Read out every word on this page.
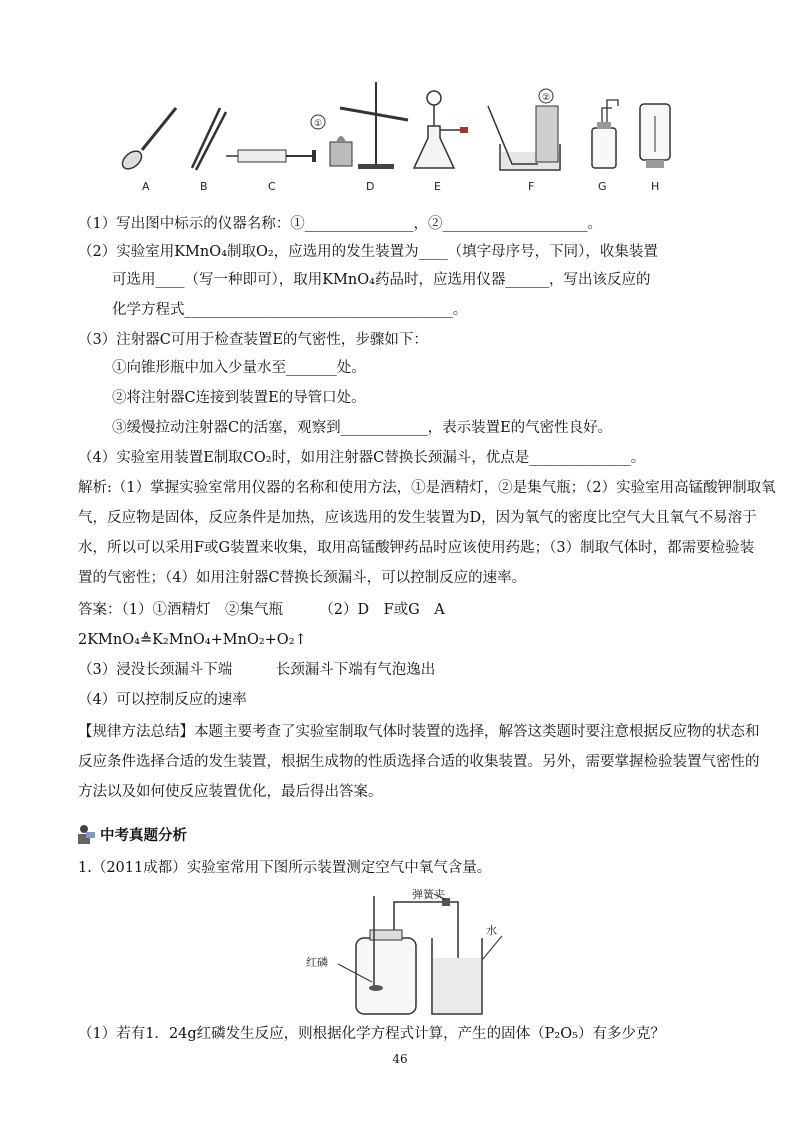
①
②
A	B	C	D	E	F	G	H
（1）写出图中标示的仪器名称：①_______________，②____________________。
（2）实验室用KMnO₄制取O₂，应选用的发生装置为____（填字母序号，下同），收集装置
可选用____（写一种即可），取用KMnO₄药品时，应选用仪器______，写出该反应的
化学方程式_____________________________________。
（3）注射器C可用于检查装置E的气密性，步骤如下：
①向锥形瓶中加入少量水至_______处。
②将注射器C连接到装置E的导管口处。
③缓慢拉动注射器C的活塞，观察到____________，表示装置E的气密性良好。
（4）实验室用装置E制取CO₂时，如用注射器C替换长颈漏斗，优点是______________。
解析:（1）掌握实验室常用仪器的名称和使用方法，①是酒精灯，②是集气瓶；（2）实验室用高锰酸钾制取氧
气，反应物是固体，反应条件是加热，应该选用的发生装置为D，因为氧气的密度比空气大且氧气不易溶于
水，所以可以采用F或G装置来收集，取用高锰酸钾药品时应该使用药匙；（3）制取气体时，都需要检验装
置的气密性；（4）如用注射器C替换长颈漏斗，可以控制反应的速率。
答案：（1）①酒精灯　②集气瓶　　　（2）D　F或G　A
2KMnO₄≜K₂MnO₄+MnO₂+O₂↑
（3）浸没长颈漏斗下端　　　长颈漏斗下端有气泡逸出
（4）可以控制反应的速率
【规律方法总结】本题主要考查了实验室制取气体时装置的选择，解答这类题时要注意根据反应物的状态和
反应条件选择合适的发生装置，根据生成物的性质选择合适的收集装置。另外，需要掌握检验装置气密性的
方法以及如何使反应装置优化，最后得出答案。
中考真题分析
1.（2011成都）实验室常用下图所示装置测定空气中氧气含量。
弹簧夹
水
红磷
（1）若有1．24g红磷发生反应，则根据化学方程式计算，产生的固体（P₂O₅）有多少克？
46
